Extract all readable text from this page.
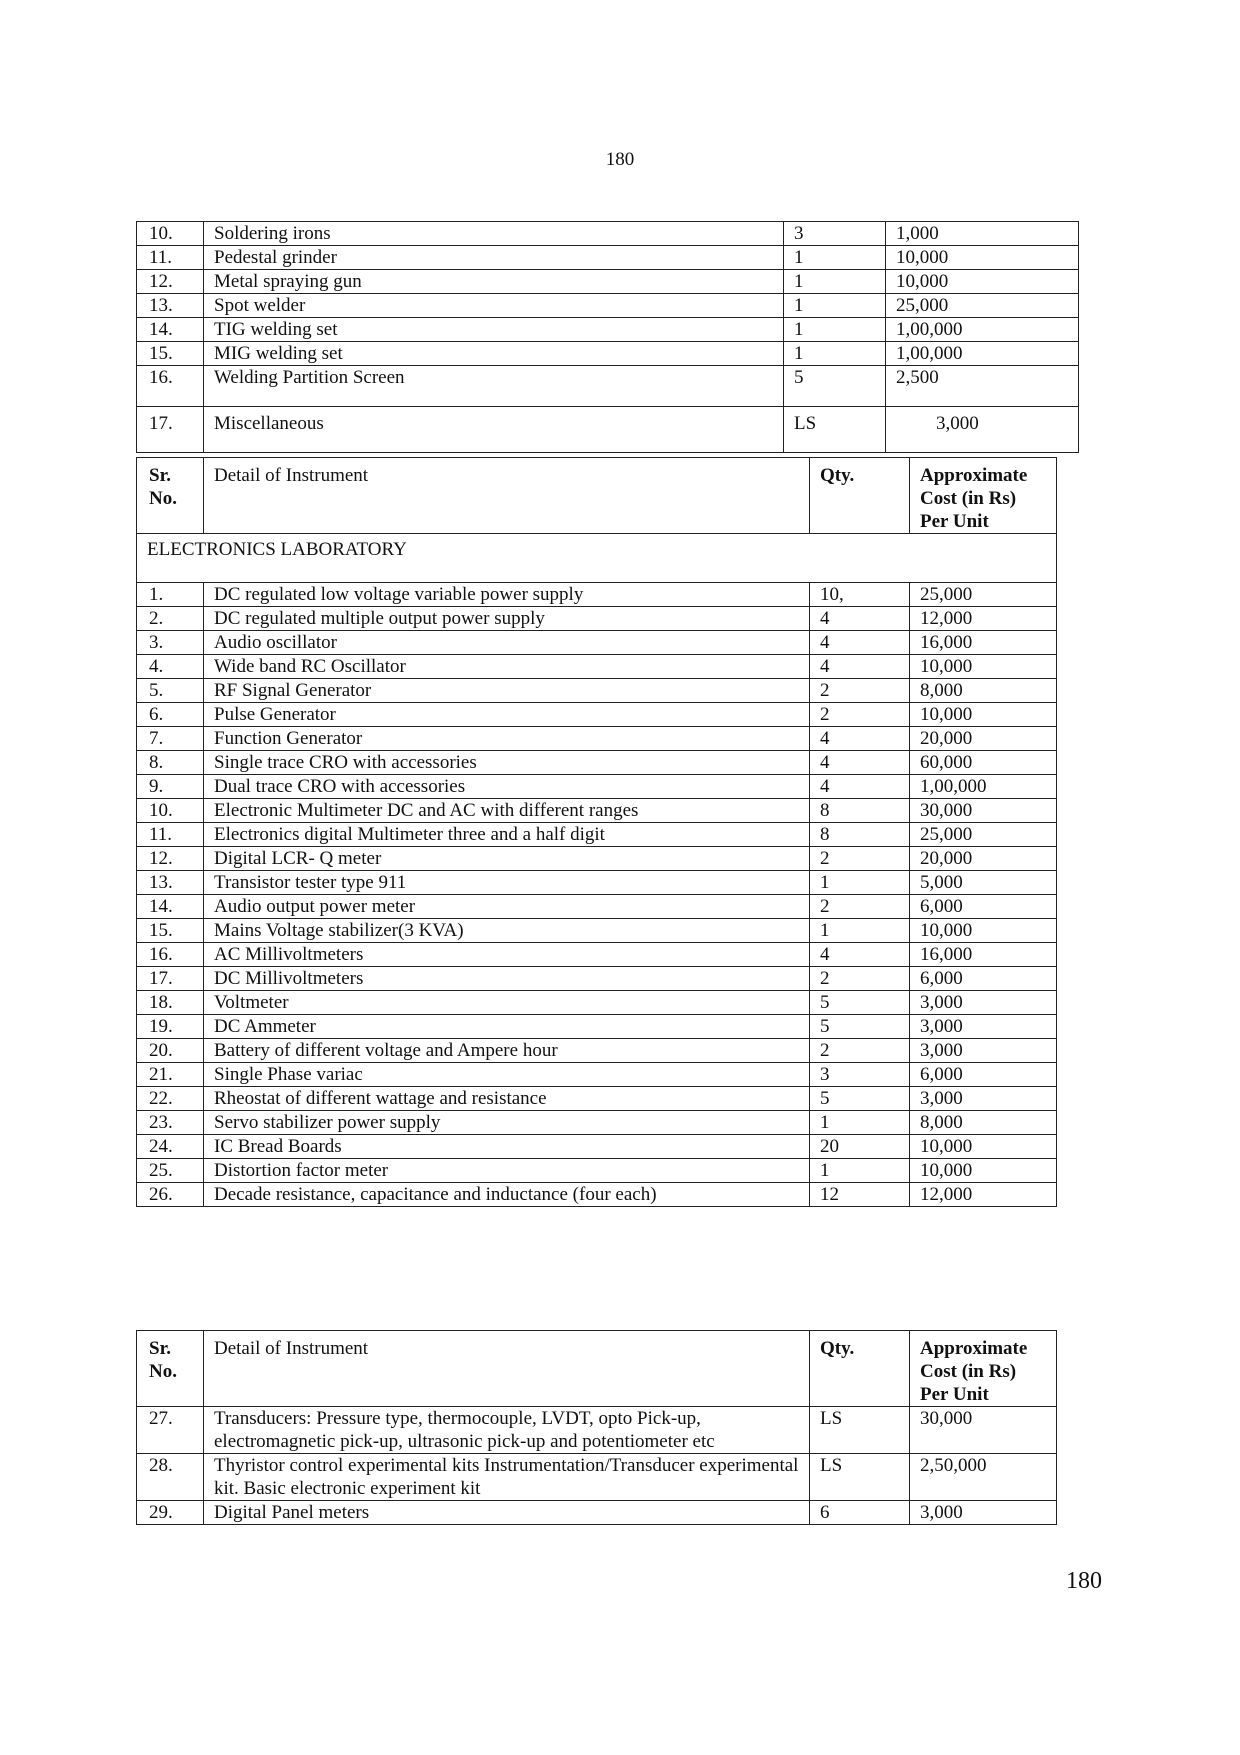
180
10.	Soldering irons	3	1,000
11.	Pedestal grinder	1	10,000
12.	Metal spraying gun	1	10,000
13.	Spot welder	1	25,000
14.	TIG welding set	1	1,00,000
15.	MIG welding set	1	1,00,000
16.	Welding Partition Screen	5	2,500
17.	Miscellaneous	LS	3,000
Sr. No.	Detail of Instrument	Qty.	Approximate Cost (in Rs) Per Unit
ELECTRONICS LABORATORY			
1.	DC regulated low voltage variable power supply	10,	25,000
2.	DC regulated multiple output power supply	4	12,000
3.	Audio oscillator	4	16,000
4.	Wide band RC Oscillator	4	10,000
5.	RF Signal Generator	2	8,000
6.	Pulse Generator	2	10,000
7.	Function Generator	4	20,000
8.	Single trace CRO with accessories	4	60,000
9.	Dual trace CRO with accessories	4	1,00,000
10.	Electronic Multimeter DC and AC with different ranges	8	30,000
11.	Electronics digital Multimeter three and a half digit	8	25,000
12.	Digital LCR- Q meter	2	20,000
13.	Transistor tester type 911	1	5,000
14.	Audio output power meter	2	6,000
15.	Mains Voltage stabilizer(3 KVA)	1	10,000
16.	AC Millivoltmeters	4	16,000
17.	DC Millivoltmeters	2	6,000
18.	Voltmeter	5	3,000
19.	DC Ammeter	5	3,000
20.	Battery of different voltage and Ampere hour	2	3,000
21.	Single Phase variac	3	6,000
22.	Rheostat of different wattage and resistance	5	3,000
23.	Servo stabilizer power supply	1	8,000
24.	IC Bread Boards	20	10,000
25.	Distortion factor meter	1	10,000
26.	Decade resistance, capacitance and inductance (four each)	12	12,000
Sr. No.	Detail of Instrument	Qty.	Approximate Cost (in Rs) Per Unit
27.	Transducers: Pressure type, thermocouple, LVDT, opto Pick-up, electromagnetic pick-up, ultrasonic pick-up and potentiometer etc	LS	30,000
28.	Thyristor control experimental kits Instrumentation/Transducer experimental kit. Basic electronic experiment kit	LS	2,50,000
29.	Digital Panel meters	6	3,000
180
